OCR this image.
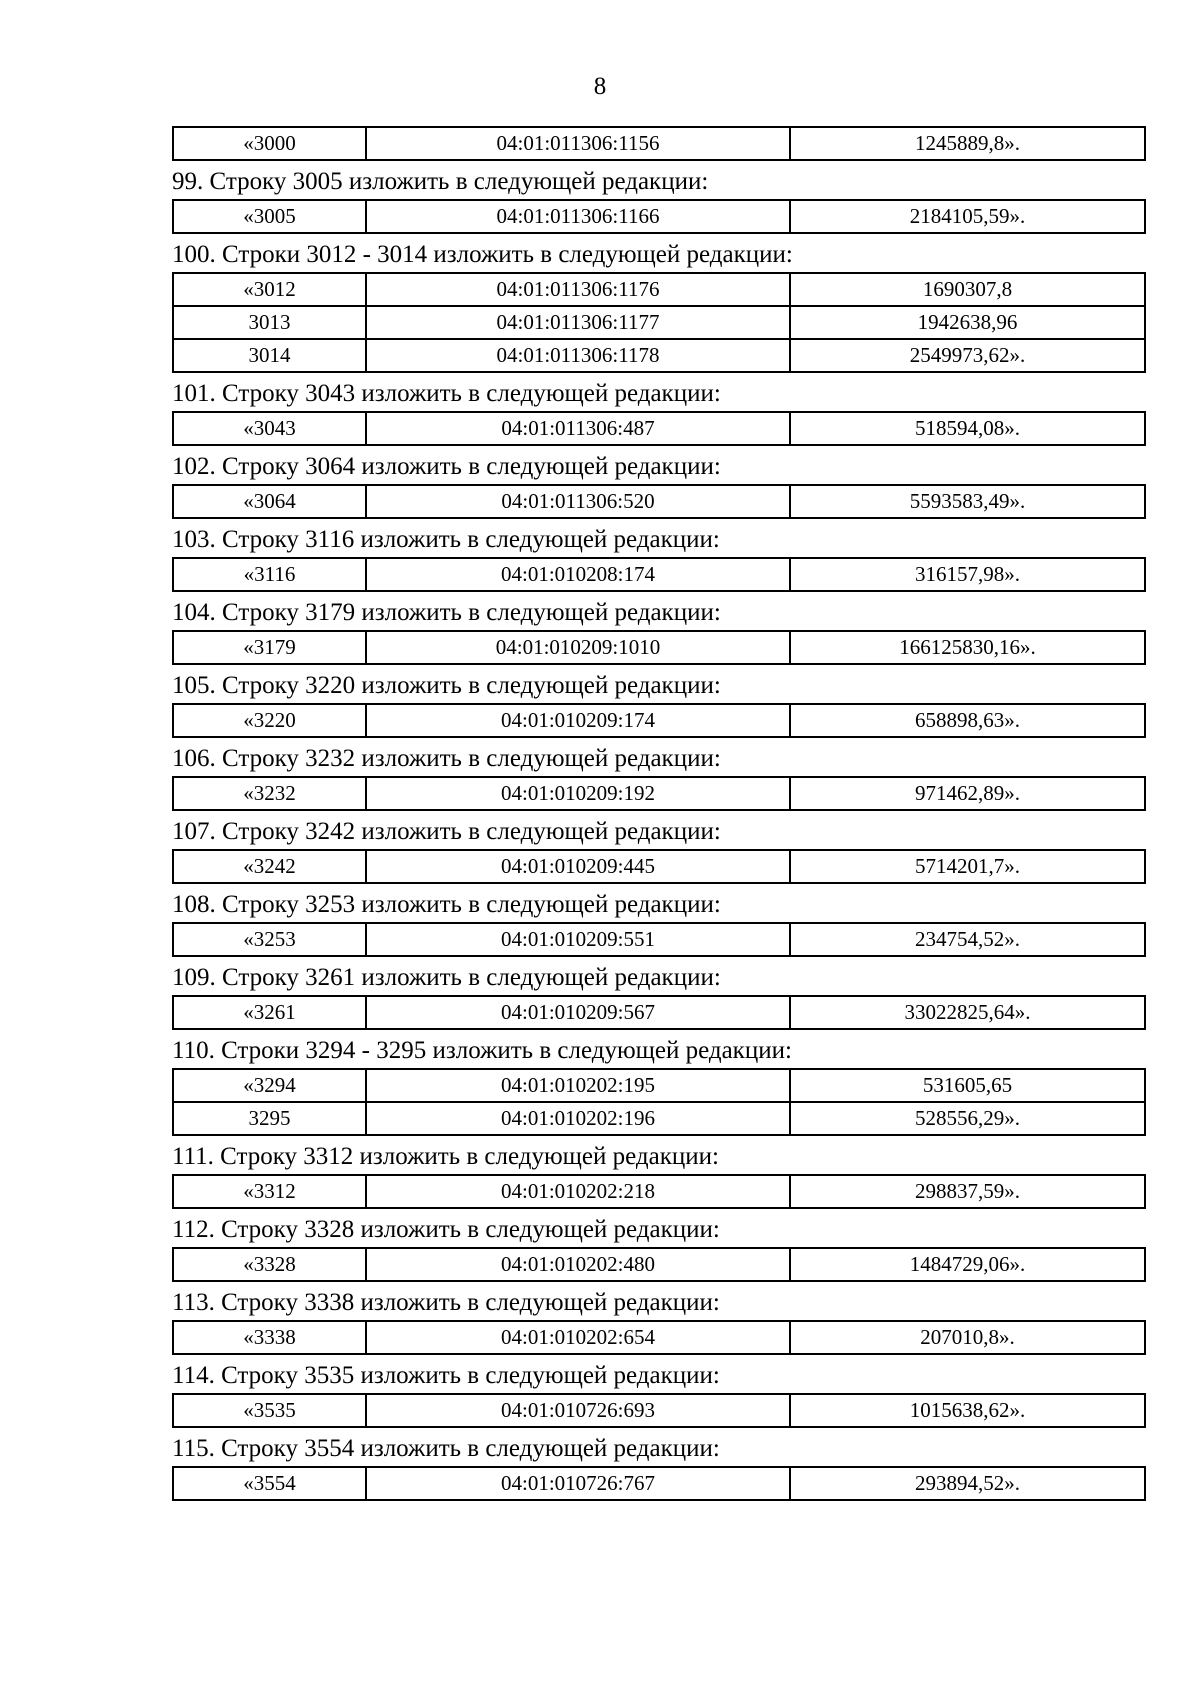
8
«3000	04:01:011306:1156	1245889,8».
99. Строку 3005 изложить в следующей редакции:
«3005	04:01:011306:1166	2184105,59».
100. Строки 3012 - 3014 изложить в следующей редакции:
«3012	04:01:011306:1176	1690307,8
3013	04:01:011306:1177	1942638,96
3014	04:01:011306:1178	2549973,62».
101. Строку 3043 изложить в следующей редакции:
«3043	04:01:011306:487	518594,08».
102. Строку 3064 изложить в следующей редакции:
«3064	04:01:011306:520	5593583,49».
103. Строку 3116 изложить в следующей редакции:
«3116	04:01:010208:174	316157,98».
104. Строку 3179 изложить в следующей редакции:
«3179	04:01:010209:1010	166125830,16».
105. Строку 3220 изложить в следующей редакции:
«3220	04:01:010209:174	658898,63».
106. Строку 3232 изложить в следующей редакции:
«3232	04:01:010209:192	971462,89».
107. Строку 3242 изложить в следующей редакции:
«3242	04:01:010209:445	5714201,7».
108. Строку 3253 изложить в следующей редакции:
«3253	04:01:010209:551	234754,52».
109. Строку 3261 изложить в следующей редакции:
«3261	04:01:010209:567	33022825,64».
110. Строки 3294 - 3295 изложить в следующей редакции:
«3294	04:01:010202:195	531605,65
3295	04:01:010202:196	528556,29».
111. Строку 3312 изложить в следующей редакции:
«3312	04:01:010202:218	298837,59».
112. Строку 3328 изложить в следующей редакции:
«3328	04:01:010202:480	1484729,06».
113. Строку 3338 изложить в следующей редакции:
«3338	04:01:010202:654	207010,8».
114. Строку 3535 изложить в следующей редакции:
«3535	04:01:010726:693	1015638,62».
115. Строку 3554 изложить в следующей редакции:
«3554	04:01:010726:767	293894,52».
